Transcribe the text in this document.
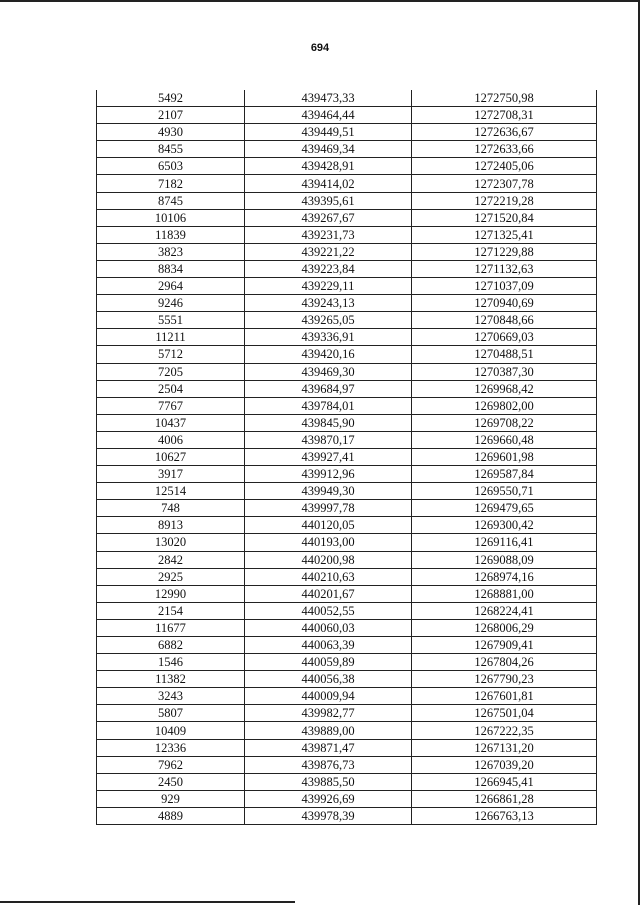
694
5492	439473,33	1272750,98
2107	439464,44	1272708,31
4930	439449,51	1272636,67
8455	439469,34	1272633,66
6503	439428,91	1272405,06
7182	439414,02	1272307,78
8745	439395,61	1272219,28
10106	439267,67	1271520,84
11839	439231,73	1271325,41
3823	439221,22	1271229,88
8834	439223,84	1271132,63
2964	439229,11	1271037,09
9246	439243,13	1270940,69
5551	439265,05	1270848,66
11211	439336,91	1270669,03
5712	439420,16	1270488,51
7205	439469,30	1270387,30
2504	439684,97	1269968,42
7767	439784,01	1269802,00
10437	439845,90	1269708,22
4006	439870,17	1269660,48
10627	439927,41	1269601,98
3917	439912,96	1269587,84
12514	439949,30	1269550,71
748	439997,78	1269479,65
8913	440120,05	1269300,42
13020	440193,00	1269116,41
2842	440200,98	1269088,09
2925	440210,63	1268974,16
12990	440201,67	1268881,00
2154	440052,55	1268224,41
11677	440060,03	1268006,29
6882	440063,39	1267909,41
1546	440059,89	1267804,26
11382	440056,38	1267790,23
3243	440009,94	1267601,81
5807	439982,77	1267501,04
10409	439889,00	1267222,35
12336	439871,47	1267131,20
7962	439876,73	1267039,20
2450	439885,50	1266945,41
929	439926,69	1266861,28
4889	439978,39	1266763,13
